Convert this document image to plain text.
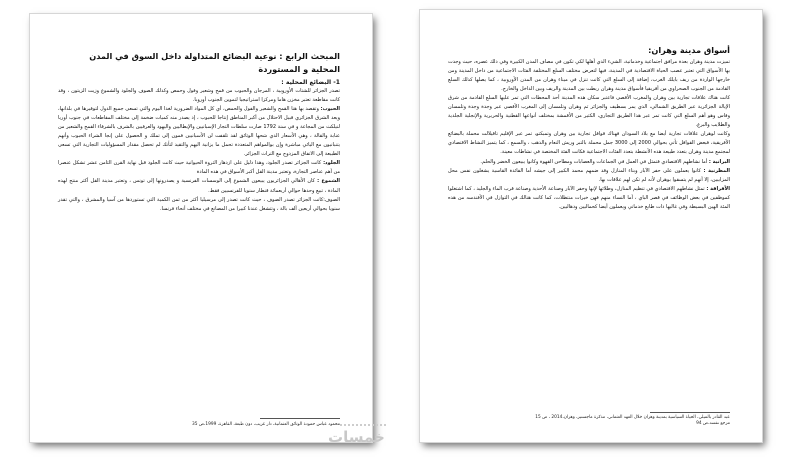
المبحث الرابع : نوعية البضائع المتداولة داخل السوق في المدن المحلية و المستوردة
1- البضائع المحلية :

تصدر الجزائر للشتات الأوروبية ، المرجان والحبوب من قمح وشعير وفول وحمص وكذلك الصوف والجلود والشموع وزيت الزيتون ، وقد كانت مقاطعة تعتبر مخزن هاما ومركزا استراتيجيا لتموين الجنوب أوروبا.

الحبوب: وتقصد بها هنا القمح والشعير والفول والحمص، أي كل المواد الضرورية لغذا اليوم والتي تسعى جميع الدول لتوفيرها في بلدانها، ويعد الشرق الجزائري قبيل الاحتلال من أكبر المناطق إنتاجا للحبوب ، إذ يصدر منه كميات ضخمة إلى مختلف المقاطعات في جنوب أوربا لنيلكث من المجاعة و في سنة 1792 صارت سلطات التجار الإسبانيين والإيطاليين واليهود والعرفيين بالشرف بالشرفاء القمح والشعير من عنابة والقالة ، وهي الأسعار الذي شحها الوثائق لقد تلقفت لن الأسبانيين فمون إلى تملك و الحصول على إنجا الشراء الحبوب وأنهم يتنبانيون مع اليائي مباشرة وإن بوالمواهم المتعددة تحمل ما يزانية اليهم والتقيد لتأنك لم تحصل مقدار المسؤوليات التجارية التي تسعى الطبيعة إلى الاتفاق المزدوج مع التراث الجزائر.

الجلود: كانت الجزائر تصدر الجلود، وهذا دليل على ازدهار الثروة الحيوانية حيث كانت الجلود قبل نهاية القرن الثامن عشر تشكل عنصرا من أهم عناصر التجارة، وتعتبر مدينة القل أكبر الأسواق في هذه المادة

الشموع : كان الأهالي الجزائريون يبيعون الشموع إلى الوسسات الفرنسية و يصدرونها إلى تونس ، وتعتبر مدينة القل أكثر منتج لهذه المادة ، تبيع وحدها حوالي أربعمائة قنطار سنويا للفرنسيين فقط.

الصوف:كانت الجزائر تصدر الصوف ، حيث كانت تصدر إلى مرسيليا أكثر من ثمن الكمية التي تستوردها من آسيا والمشرق ، والتي تقدر سنويا بحوالي أربعين ألف بالة ، وتتشغل عندنا كبيرا من المصانع في مختلف أنحاء فرنسا.

محمود عباس حمودة الوثائق العثمانية، دار غريب، دون طبعة، القاهرة، 1999،ص 35
أسواق مدينة وهران:

تميزت مدينة وهران بعدة مرافق اجتماعية وخدماتية، الشيء الذي أهلها لكي تكون في مصاف المدن الكبيرة وفي ذلك عصره، حيث وجدت بها الأسواق التي تعتبر عصب الحياة الاقتصادية في المدينة، فيها لتعرض مختلف السلع المختلفة الفئات الاجتماعية من داخل المدينة ومن خارجها الواردة من ريف بايلك الغرب، إضافة إلى السلع التي كانت تنزل في ميناء وهران من المدن الأوروبية ، كما يصلها كذلك السلع القادمة من الجنوب الصحراوي من أفريقيا فأسواق مدينة وهران ربطت بين المدينة والريف وبين الداخل والخارج.

كانت هناك علاقات تجارية بين وهران والمغرب الأقصى فاعتبر سكان هذه المدينة أحد المحطات التي تمر عليها السلع القادمة من شرق الإيالة الجزائرية عبر الطريق الشمالي، الذي يمر بسطيف والجزائر ثم وهران وتلمسان إلى المغرب الأقصى عبر وجدة وجدة وتلمسان وفاس وهو أهم السلع التي كانت تمر عبر هذا الطريق التجاري، الكثير من الأقمشة بمختلف أنواعها القطنية والحريرية والإنجلية الجلدية والطلايب والبرغ.

وكانت لوهران علاقات تجارية أيضا مع بلاد السودان فهناك قوافل تجارية بين وهران وتمبكتو، تمر عبر الإقليم تاقيلالت محملة بالبضائع الأفريقية، فبعض القوافل تأتي بحوالي 2000 إلى 3000 جمل محملة بالتبر وريش النعام والذهب ، والسمع ، كما يتميز النشاط الاقتصادي لمجتمع مدينة وهران بتعدد طبيعة هذه الأنشطة بتعدد الفئات الاجتماعية فكانت الفئة المختصة في نشاطات معينة.

البرانية : أما نشاطهم الاقتصادي فتمثل في العمل في الجماعات والعصابات ومطاحن القهوة وكانوا يبيعون الخضر والحلم.

المظرنية : كانوا يعملون على حفر الآبار وبناء المنازل وقد ضمهم محمد الكبير إلى جيشه أما الفائدة القاسية يشغلون نفس محل المزابيين، إلا أنهم لم يتسقوا بوهران لأنه لم تكن لهم علاقات بها.

الأفراقة : تمثل نشاطهم الاقتصادي في تنظيم المنازل، وطلائها لإنها وحفر الآبار وصناعة الأحذية وصناعة قرب الماء والجليد ، كما اشتغلوا كموظفين في بعض الوظائف في قصر الباي ، أما النساء منهم فهن خيرات منتظلات، كما كانت هنالك في التوازل في الأفندسه من هذه المئة الهين البسيطة وفي غالبها ذات طابع خدماتي ويعملون أيضا كحماليين ودهاليين.

عبد القادر بالميلي، الحياة السياسية بمدينة وهران خلال العهد العثماني، مذكرة ماجستير، وهران،2014 ، ص 15
مرجع نفسه،ص 94
خمسات
